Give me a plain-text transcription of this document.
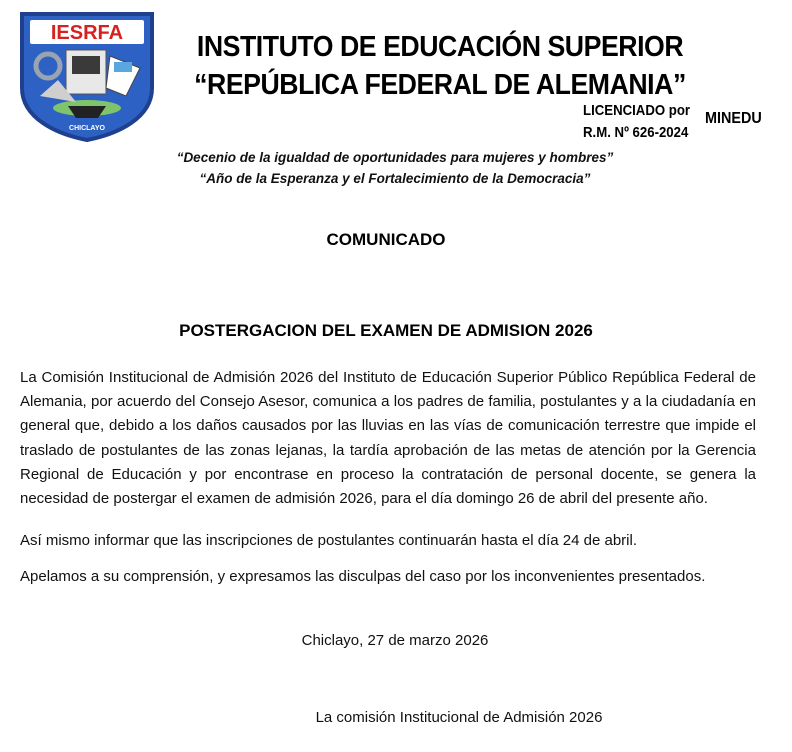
IESRFA
CHICLAYO
INSTITUTO DE EDUCACIÓN SUPERIOR
“REPÚBLICA FEDERAL DE ALEMANIA”
LICENCIADO por
R.M. Nº 626-2024
MINEDU
“Decenio de la igualdad de oportunidades para mujeres y hombres”
“Año de la Esperanza y el Fortalecimiento de la Democracia”
COMUNICADO
POSTERGACION DEL EXAMEN DE ADMISION 2026

La Comisión Institucional de Admisión 2026 del Instituto de Educación Superior Público República Federal de Alemania, por acuerdo del Consejo Asesor, comunica a los padres de familia, postulantes y a la ciudadanía en general que, debido a los daños causados por las lluvias en las vías de comunicación terrestre que impide el traslado de postulantes de las zonas lejanas, la tardía aprobación de las metas de atención por la Gerencia Regional de Educación y por encontrase en proceso la contratación de personal docente, se genera la necesidad de postergar el examen de admisión 2026, para el día domingo 26 de abril del presente año.

Así mismo informar que las inscripciones de postulantes continuarán hasta el día 24 de abril.

Apelamos a su comprensión, y expresamos las disculpas del caso por los inconvenientes presentados.

Chiclayo, 27 de marzo 2026
La comisión Institucional de Admisión 2026
